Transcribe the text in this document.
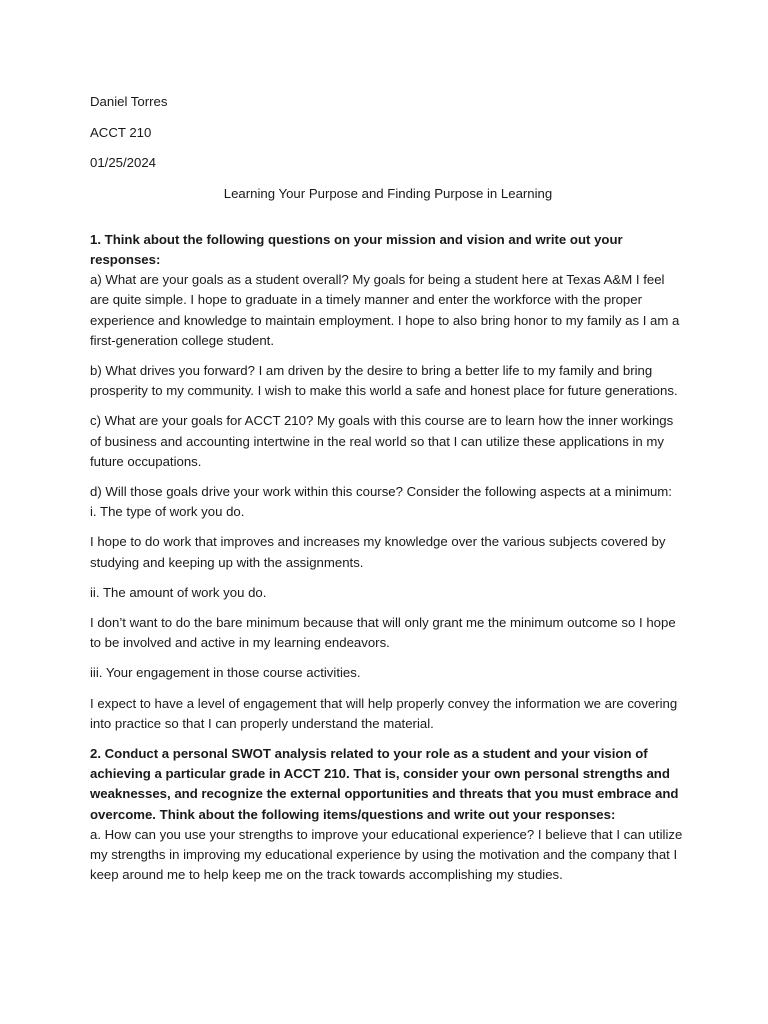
Daniel Torres

ACCT 210

01/25/2024

Learning Your Purpose and Finding Purpose in Learning

1. Think about the following questions on your mission and vision and write out your responses:

a) What are your goals as a student overall? My goals for being a student here at Texas A&M I feel are quite simple. I hope to graduate in a timely manner and enter the workforce with the proper experience and knowledge to maintain employment. I hope to also bring honor to my family as I am a first-generation college student.

b) What drives you forward? I am driven by the desire to bring a better life to my family and bring prosperity to my community. I wish to make this world a safe and honest place for future generations.

c) What are your goals for ACCT 210? My goals with this course are to learn how the inner workings of business and accounting intertwine in the real world so that I can utilize these applications in my future occupations.

d) Will those goals drive your work within this course? Consider the following aspects at a minimum:

i. The type of work you do.

I hope to do work that improves and increases my knowledge over the various subjects covered by studying and keeping up with the assignments.

ii. The amount of work you do.

I don’t want to do the bare minimum because that will only grant me the minimum outcome so I hope to be involved and active in my learning endeavors.

iii. Your engagement in those course activities.

I expect to have a level of engagement that will help properly convey the information we are covering into practice so that I can properly understand the material.

2. Conduct a personal SWOT analysis related to your role as a student and your vision of achieving a particular grade in ACCT 210. That is, consider your own personal strengths and weaknesses, and recognize the external opportunities and threats that you must embrace and overcome. Think about the following items/questions and write out your responses:

a. How can you use your strengths to improve your educational experience? I believe that I can utilize my strengths in improving my educational experience by using the motivation and the company that I keep around me to help keep me on the track towards accomplishing my studies.
